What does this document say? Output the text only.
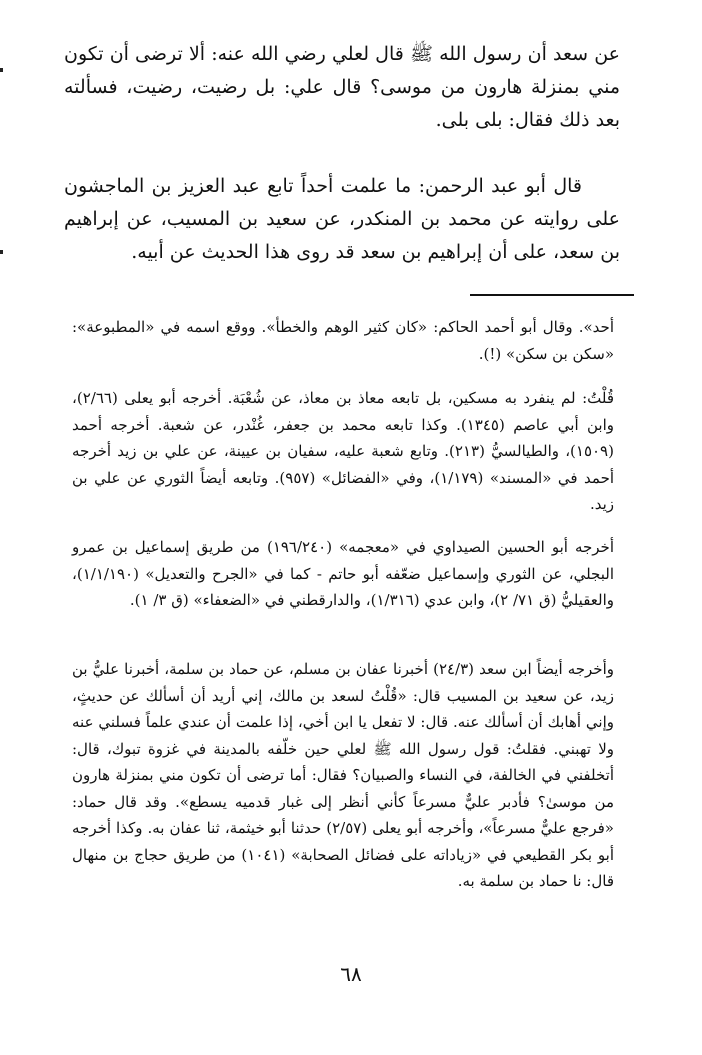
عن سعد أن رسول الله ﷺ قال لعلي رضي الله عنه: ألا ترضى أن تكون مني بمنزلة هارون من موسى؟ قال علي: بل رضيت، رضيت، فسألته بعد ذلك فقال: بلى بلى.

قال أبو عبد الرحمن: ما علمت أحداً تابع عبد العزيز بن الماجشون على روايته عن محمد بن المنكدر، عن سعيد بن المسيب، عن إبراهيم بن سعد، على أن إبراهيم بن سعد قد روى هذا الحديث عن أبيه.

أحد». وقال أبو أحمد الحاكم: «كان كثير الوهم والخطأ». ووقع اسمه في «المطبوعة»: «سكن بن سكن» (!).

قُلْتُ: لم ينفرد به مسكين، بل تابعه معاذ بن معاذ، عن شُعْبَة. أخرجه أبو يعلى (٢/٦٦)، وابن أبي عاصم (١٣٤٥). وكذا تابعه محمد بن جعفر، غُنْدر، عن شعبة. أخرجه أحمد (١٥٠٩)، والطيالسيُّ (٢١٣). وتابع شعبة عليه، سفيان بن عيينة، عن علي بن زيد أخرجه أحمد في «المسند» (١/١٧٩)، وفي «الفضائل» (٩٥٧). وتابعه أيضاً الثوري عن علي بن زيد.

أخرجه أبو الحسين الصيداوي في «معجمه» (١٩٦/٢٤٠) من طريق إسماعيل بن عمرو البجلي، عن الثوري وإسماعيل ضعّفه أبو حاتم - كما في «الجرح والتعديل» (١/١/١٩٠)، والعقيليُّ (ق ٧١/ ٢)، وابن عدي (١/٣١٦)، والدارقطني في «الضعفاء» (ق ٣/ ١).

وأخرجه أيضاً ابن سعد (٢٤/٣) أخبرنا عفان بن مسلم، عن حماد بن سلمة، أخبرنا عليُّ بن زيد، عن سعيد بن المسيب قال: «قُلْتُ لسعد بن مالك، إني أريد أن أسألك عن حديثٍ، وإني أهابك أن أسألك عنه. قال: لا تفعل يا ابن أخي، إذا علمت أن عندي علماً فسلني عنه ولا تهبني. فقلتُ: قول رسول الله ﷺ لعلي حين خلّفه بالمدينة في غزوة تبوك، قال: أتخلفني في الخالفة، في النساء والصبيان؟ فقال: أما ترضى أن تكون مني بمنزلة هارون من موسىٰ؟ فأدبر عليٌّ مسرعاً كأني أنظر إلى غبار قدميه يسطع». وقد قال حماد: «فرجع عليٌّ مسرعاً»، وأخرجه أبو يعلى (٢/٥٧) حدثنا أبو خيثمة، ثنا عفان به. وكذا أخرجه أبو بكر القطيعي في «زياداته على فضائل الصحابة» (١٠٤١) من طريق حجاج بن منهال قال: نا حماد بن سلمة به.

٦٨
